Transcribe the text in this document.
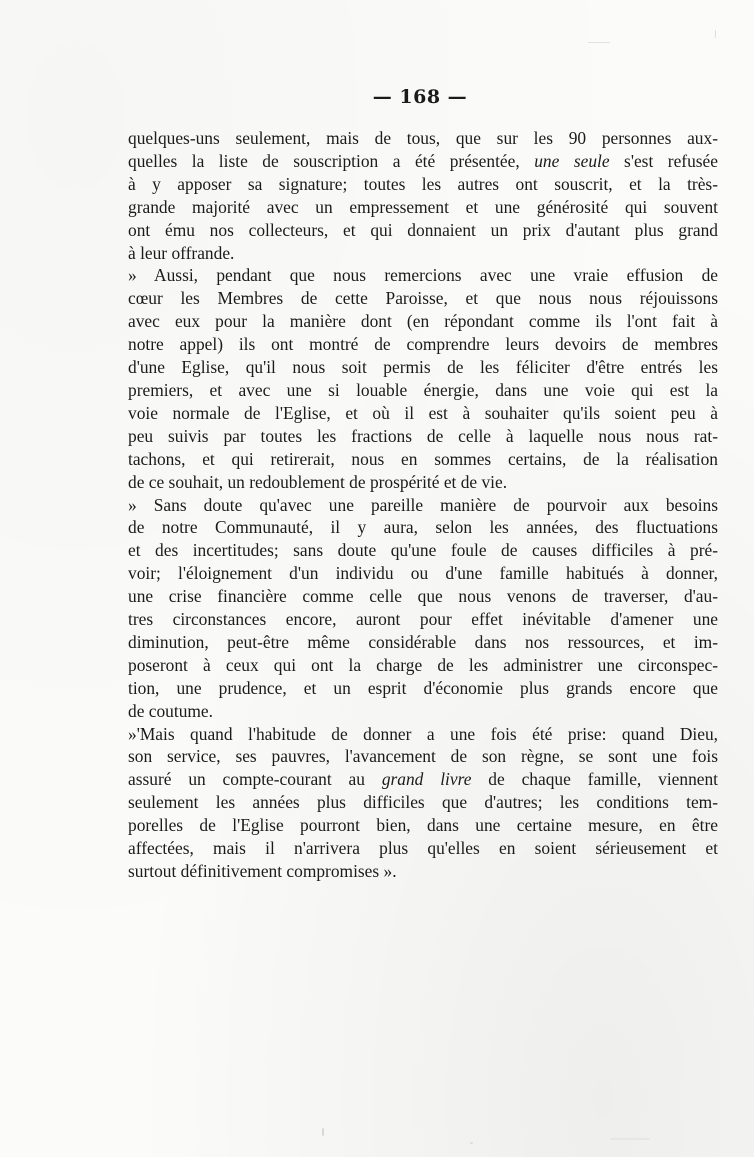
— 168 —
quelques-uns seulement, mais de tous, que sur les 90 personnes aux-
quelles la liste de souscription a été présentée, une seule s'est refusée
à y apposer sa signature; toutes les autres ont souscrit, et la très-
grande majorité avec un empressement et une générosité qui souvent
ont ému nos collecteurs, et qui donnaient un prix d'autant plus grand
à leur offrande.
» Aussi, pendant que nous remercions avec une vraie effusion de
cœur les Membres de cette Paroisse, et que nous nous réjouissons
avec eux pour la manière dont (en répondant comme ils l'ont fait à
notre appel) ils ont montré de comprendre leurs devoirs de membres
d'une Eglise, qu'il nous soit permis de les féliciter d'être entrés les
premiers, et avec une si louable énergie, dans une voie qui est la
voie normale de l'Eglise, et où il est à souhaiter qu'ils soient peu à
peu suivis par toutes les fractions de celle à laquelle nous nous rat-
tachons, et qui retirerait, nous en sommes certains, de la réalisation
de ce souhait, un redoublement de prospérité et de vie.
» Sans doute qu'avec une pareille manière de pourvoir aux besoins
de notre Communauté, il y aura, selon les années, des fluctuations
et des incertitudes; sans doute qu'une foule de causes difficiles à pré-
voir; l'éloignement d'un individu ou d'une famille habitués à donner,
une crise financière comme celle que nous venons de traverser, d'au-
tres circonstances encore, auront pour effet inévitable d'amener une
diminution, peut-être même considérable dans nos ressources, et im-
poseront à ceux qui ont la charge de les administrer une circonspec-
tion, une prudence, et un esprit d'économie plus grands encore que
de coutume.
»'Mais quand l'habitude de donner a une fois été prise: quand Dieu,
son service, ses pauvres, l'avancement de son règne, se sont une fois
assuré un compte-courant au grand livre de chaque famille, viennent
seulement les années plus difficiles que d'autres; les conditions tem-
porelles de l'Eglise pourront bien, dans une certaine mesure, en être
affectées, mais il n'arrivera plus qu'elles en soient sérieusement et
surtout définitivement compromises ».
